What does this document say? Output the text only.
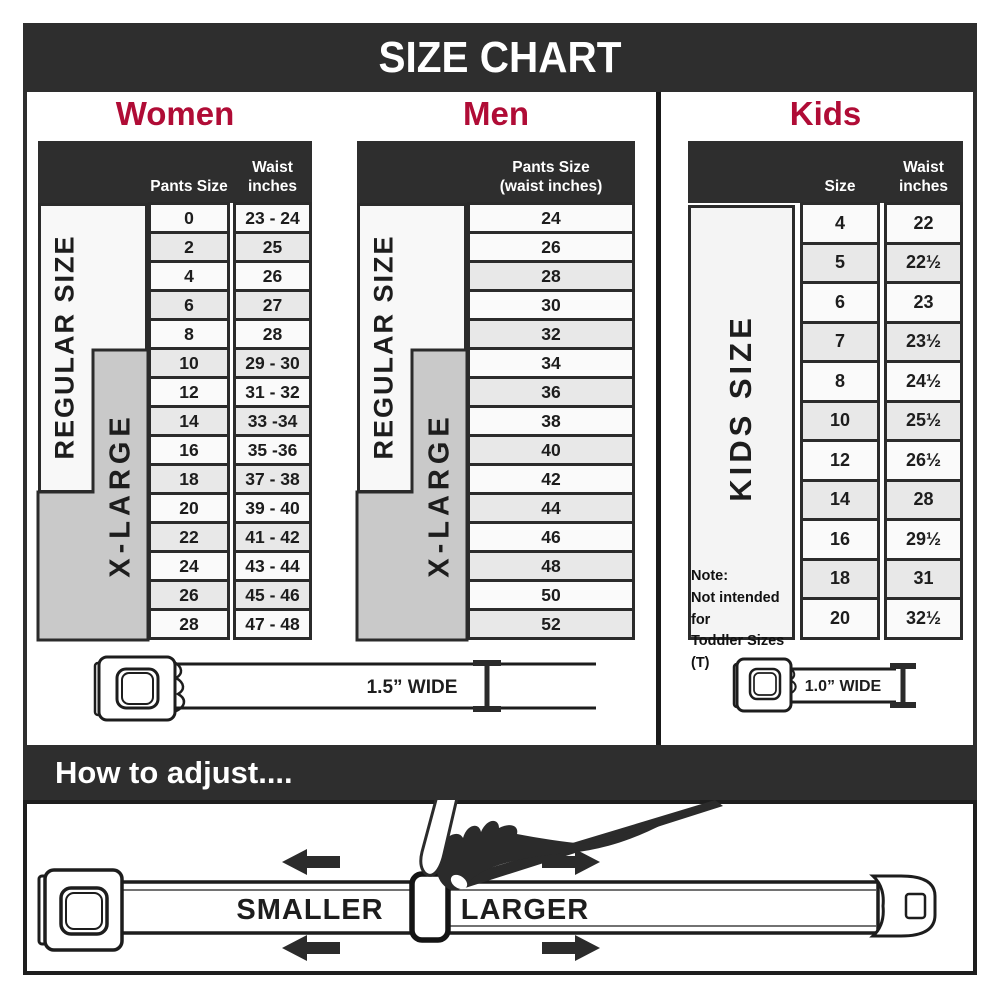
SIZE CHART
Women
Pants Size
Waist
inches
REGULAR SIZE
X-LARGE
0
2
4
6
8
10
12
14
16
18
20
22
24
26
28
23 - 24
25
26
27
28
29 - 30
31 - 32
33 -34
35 -36
37 - 38
39 - 40
41 - 42
43 - 44
45 - 46
47 - 48
Men
Pants Size
(waist inches)
REGULAR SIZE
X-LARGE
24
26
28
30
32
34
36
38
40
42
44
46
48
50
52
Kids
Size
Waist
inches
KIDS SIZE
Note:
Not intended for
Toddler Sizes (T)
4
5
6
7
8
10
12
14
16
18
20
22
22½
23
23½
24½
25½
26½
28
29½
31
32½
1.5” WIDE	1.0” WIDE
How to adjust....
SMALLER	LARGER
